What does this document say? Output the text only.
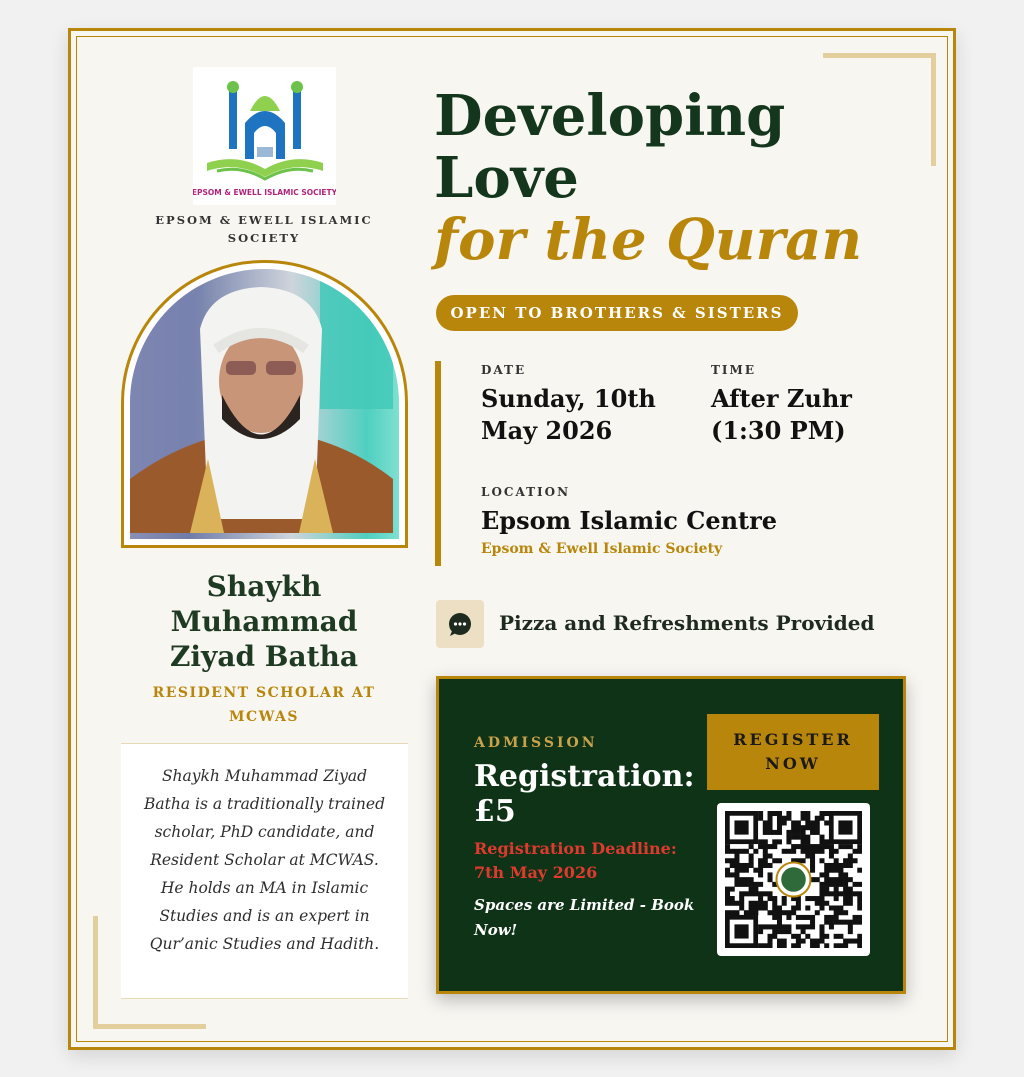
EPSOM & EWELL ISLAMIC SOCIETY
EPSOM & EWELL ISLAMIC SOCIETY
Shaykh Muhammad Ziyad Batha
RESIDENT SCHOLAR AT MCWAS
Shaykh Muhammad Ziyad Batha is a traditionally trained scholar, PhD candidate, and Resident Scholar at MCWAS. He holds an MA in Islamic Studies and is an expert in Qur’anic Studies and Hadith.
Developing
Love
for the Quran
OPEN TO BROTHERS & SISTERS
DATE
Sunday, 10th May 2026
TIME
After Zuhr (1:30 PM)
LOCATION
Epsom Islamic Centre
Epsom & Ewell Islamic Society
Pizza and Refreshments Provided
ADMISSION
Registration: £5
Registration Deadline: 7th May 2026
Spaces are Limited - Book Now!
REGISTER NOW
